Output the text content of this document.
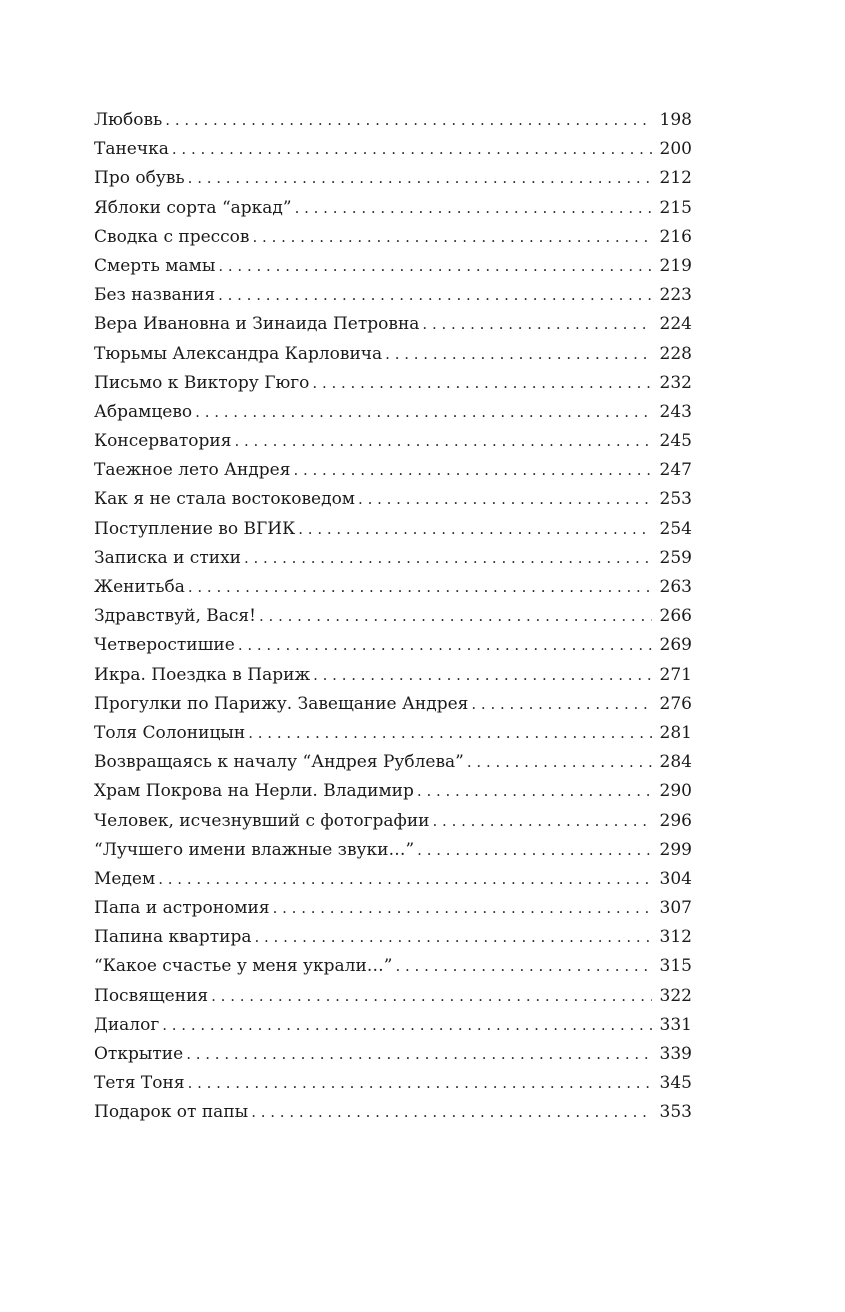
Любовь . . .	198
Танечка . . .	200
Про обувь . . .	212
Яблоки сорта “аркад” . . .	215
Сводка с прессов . . .	216
Смерть мамы . . .	219
Без названия . . .	223
Вера Ивановна и Зинаида Петровна . . .	224
Тюрьмы Александра Карловича . . .	228
Письмо к Виктору Гюго . . .	232
Абрамцево . . .	243
Консерватория . . .	245
Таежное лето Андрея . . .	247
Как я не стала востоковедом . . .	253
Поступление во ВГИК . . .	254
Записка и стихи . . .	259
Женитьба . . .	263
Здравствуй, Вася! . . .	266
Четверостишие . . .	269
Икра. Поездка в Париж . . .	271
Прогулки по Парижу. Завещание Андрея . . .	276
Толя Солоницын . . .	281
Возвращаясь к началу “Андрея Рублева” . . .	284
Храм Покрова на Нерли. Владимир . . .	290
Человек, исчезнувший с фотографии . . .	296
“Лучшего имени влажные звуки…” . . .	299
Медем . . .	304
Папа и астрономия . . .	307
Папина квартира . . .	312
“Какое счастье у меня украли…” . . .	315
Посвящения . . .	322
Диалог . . .	331
Открытие . . .	339
Тетя Тоня . . .	345
Подарок от папы . . .	353
